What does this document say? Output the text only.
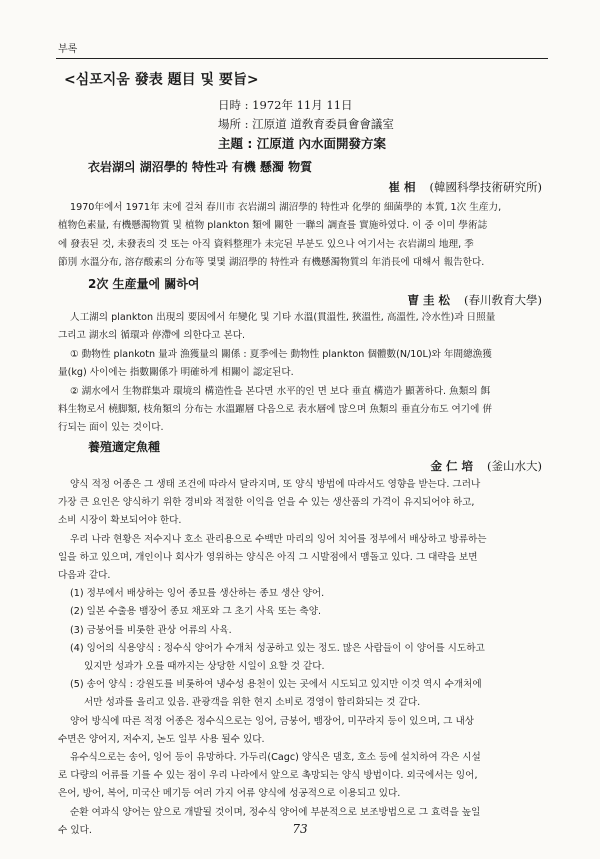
부록
<심포지움 發表 題目 및 要旨>
日時 : 1972年 11月 11日
場所 : 江原道 道敎育委員會會議室
主題 : 江原道 內水面開發方案
衣岩湖의 湖沼學的 特性과 有機 懸濁 物質
崔 相 (韓國科學技術硏究所)

1970年에서 1971年 末에 걸쳐 春川市 衣岩湖의 湖沼學的 特性과 化學的 細菌學的 本質, 1次 生産力,

植物色素量, 有機懸濁物質 및 植物 plankton 類에 關한 一聯의 調査를 實施하였다. 이 중 이미 學術誌

에 發表된 것, 未發表의 것 또는 아직 資料整理가 未完된 부분도 있으나 여기서는 衣岩湖의 地理, 季

節別 水溫分布, 溶存酸素의 分布等 몇몇 湖沼學的 特性과 有機懸濁物質의 年消長에 대해서 報告한다.

2次 生産量에 關하여
曺 圭 松 (春川敎育大學)

人工湖의 plankton 出現의 要因에서 年變化 및 기타 水溫(貫溫性, 狹溫性, 高溫性, 冷水性)과 日照量

그리고 湖水의 循環과 停滯에 의한다고 본다.

① 動物性 plankotn 量과 漁獲量의 關係 : 夏季에는 動物性 plankton 個體數(N/10L)와 年間總漁獲

量(kg) 사이에는 指數關係가 明確하게 相關이 認定된다.

② 湖水에서 生物群集과 環境의 構造性을 본다면 水平的인 면 보다 垂直 構造가 顯著하다. 魚類의 餌

料生物로서 橈脚類, 枝角類의 分布는 水溫躍層 다음으로 表水層에 많으며 魚類의 垂直分布도 여기에 倂

行되는 面이 있는 것이다.

養殖適定魚種
金 仁 培 (釜山水大)

양식 적정 어종은 그 생태 조건에 따라서 달라지며, 또 양식 방법에 따라서도 영향을 받는다. 그러나

가장 큰 요인은 양식하기 위한 경비와 적절한 이익을 얻을 수 있는 생산품의 가격이 유지되어야 하고,

소비 시장이 확보되어야 한다.

우리 나라 현황은 저수지나 호소 관리용으로 수백만 마리의 잉어 치어를 정부에서 배상하고 방류하는

일을 하고 있으며, 개인이나 회사가 영위하는 양식은 아직 그 시발점에서 맴돌고 있다. 그 대략을 보면

다음과 같다.

(1) 정부에서 배상하는 잉어 종묘를 생산하는 종묘 생산 양어.

(2) 일본 수출용 뱀장어 종묘 채포와 그 초기 사육 또는 축양.

(3) 금붕어를 비롯한 관상 어류의 사육.

(4) 잉어의 식용양식 : 정수식 양어가 수개처 성공하고 있는 정도. 많은 사람들이 이 양어를 시도하고

있지만 성과가 오를 때까지는 상당한 시일이 요할 것 같다.

(5) 송어 양식 : 강원도를 비롯하여 냉수성 용천이 있는 곳에서 시도되고 있지만 이것 역시 수개처에

서만 성과를 올리고 있음. 관광객을 위한 현지 소비로 경영이 합리화되는 것 같다.

양어 방식에 따른 적정 어종은 정수식으로는 잉어, 금붕어, 뱀장어, 미꾸라지 등이 있으며, 그 내상

수면은 양어지, 저수지, 논도 일부 사용 될수 있다.

유수식으로는 송어, 잉어 등이 유망하다. 가두리(Cagc) 양식은 댐호, 호소 등에 설치하여 각은 시설

로 다량의 어류를 기를 수 있는 점이 우리 나라에서 앞으로 촉망되는 양식 방법이다. 외국에서는 잉어,

은어, 방어, 복어, 미국산 메기등 여러 가지 어류 양식에 성공적으로 이용되고 있다.

순환 여과식 양어는 앞으로 개발될 것이며, 정수식 양어에 부분적으로 보조방법으로 그 효력을 높일

수 있다.	73
